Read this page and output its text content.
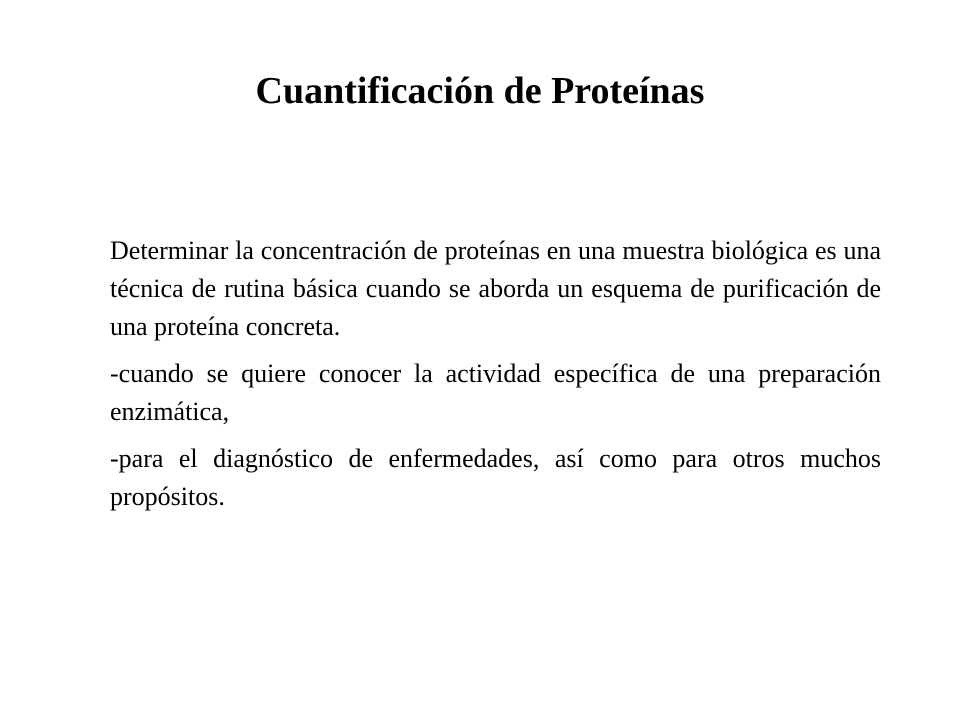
Cuantificación de Proteínas

Determinar la concentración de proteínas en una muestra biológica es una técnica de rutina básica cuando se aborda un esquema de purificación de una proteína concreta.

-cuando se quiere conocer la actividad específica de una preparación enzimática,

-para el diagnóstico de enfermedades, así como para otros muchos propósitos.
